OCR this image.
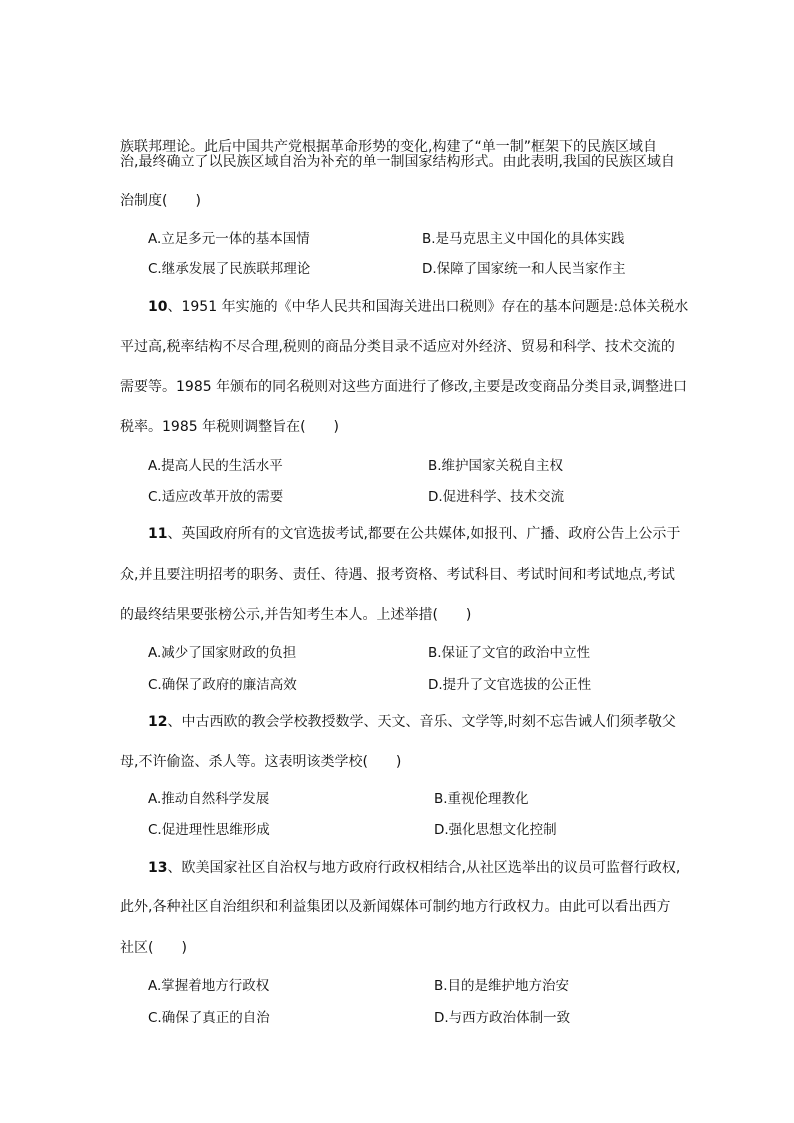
族联邦理论。此后中国共产党根据革命形势的变化,构建了“单一制”框架下的民族区域自
治,最终确立了以民族区域自治为补充的单一制国家结构形式。由此表明,我国的民族区域自
治制度(　　)
A.立足多元一体的基本国情	B.是马克思主义中国化的具体实践
C.继承发展了民族联邦理论	D.保障了国家统一和人民当家作主
10、1951 年实施的《中华人民共和国海关进出口税则》存在的基本问题是:总体关税水
平过高,税率结构不尽合理,税则的商品分类目录不适应对外经济、贸易和科学、技术交流的
需要等。1985 年颁布的同名税则对这些方面进行了修改,主要是改变商品分类目录,调整进口
税率。1985 年税则调整旨在(　　)
A.提高人民的生活水平	B.维护国家关税自主权
C.适应改革开放的需要	D.促进科学、技术交流
11、英国政府所有的文官选拔考试,都要在公共媒体,如报刊、广播、政府公告上公示于
众,并且要注明招考的职务、责任、待遇、报考资格、考试科目、考试时间和考试地点,考试
的最终结果要张榜公示,并告知考生本人。上述举措(　　)
A.减少了国家财政的负担	B.保证了文官的政治中立性
C.确保了政府的廉洁高效	D.提升了文官选拔的公正性
12、中古西欧的教会学校教授数学、天文、音乐、文学等,时刻不忘告诫人们须孝敬父
母,不许偷盗、杀人等。这表明该类学校(　　)
A.推动自然科学发展	B.重视伦理教化
C.促进理性思维形成	D.强化思想文化控制
13、欧美国家社区自治权与地方政府行政权相结合,从社区选举出的议员可监督行政权,
此外,各种社区自治组织和利益集团以及新闻媒体可制约地方行政权力。由此可以看出西方
社区(　　)
A.掌握着地方行政权	B.目的是维护地方治安
C.确保了真正的自治	D.与西方政治体制一致
